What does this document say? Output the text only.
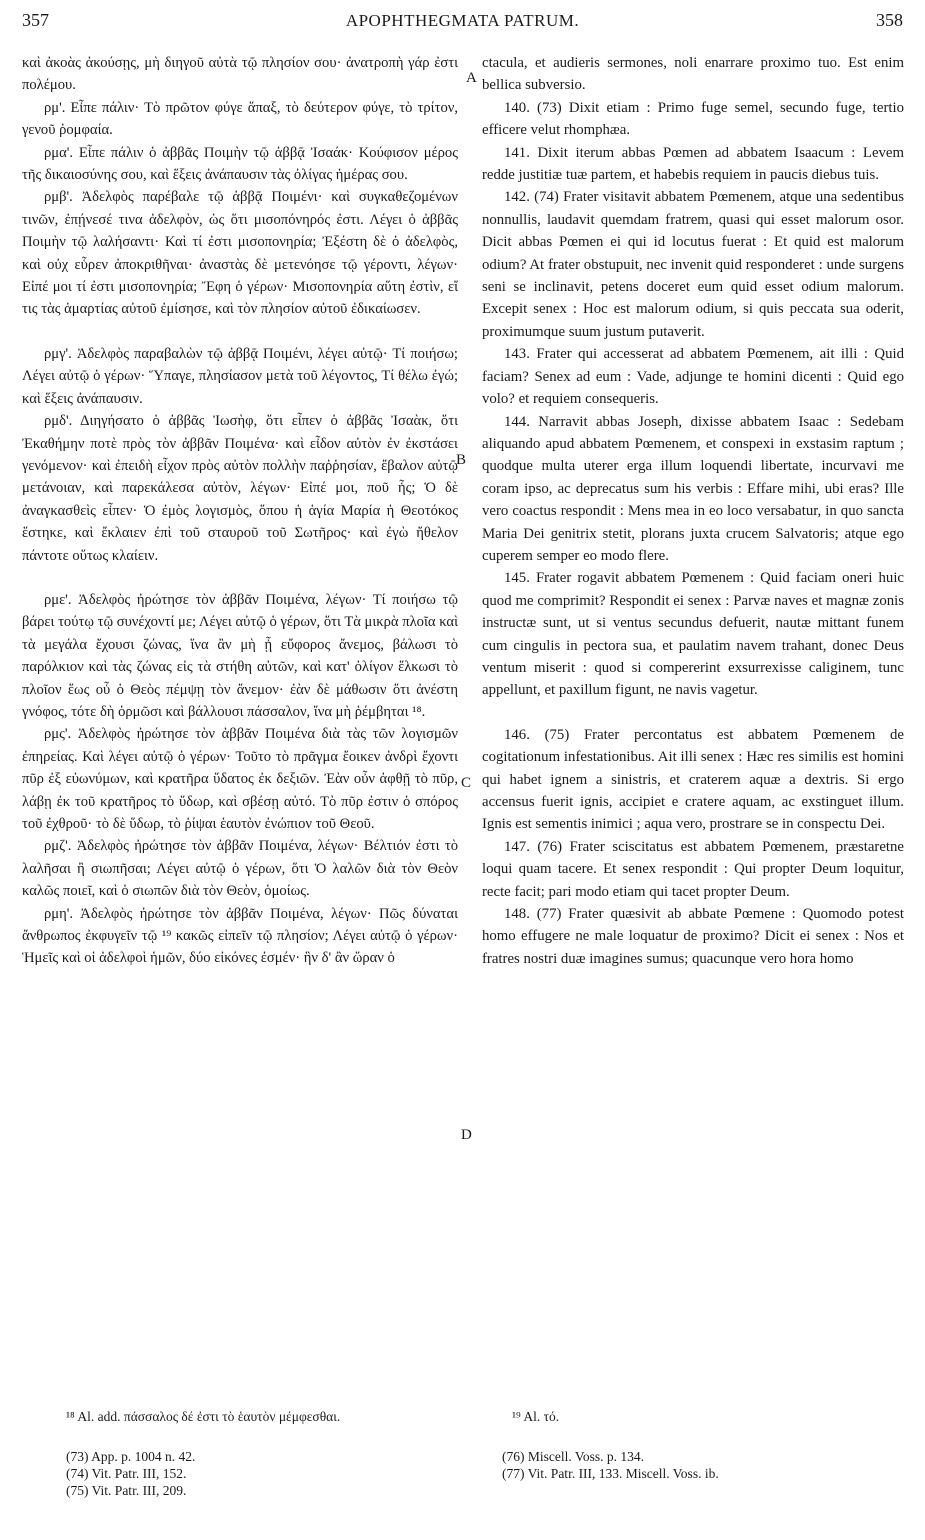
357	APOPHTHEGMATA PATRUM.	358

καὶ ἀκοὰς ἀκούσῃς, μὴ διηγοῦ αὐτὰ τῷ πλησίον σου· ἀνατροπὴ γάρ ἐστι πολέμου.

ρμ'. Εἶπε πάλιν· Τὸ πρῶτον φύγε ἅπαξ, τὸ δεύτερον φύγε, τὸ τρίτον, γενοῦ ῥομφαία.

ρμα'. Εἶπε πάλιν ὁ ἀββᾶς Ποιμὴν τῷ ἀββᾷ Ἰσαάκ· Κούφισον μέρος τῆς δικαιοσύνης σου, καὶ ἕξεις ἀνάπαυσιν τὰς ὀλίγας ἡμέρας σου.

ρμβ'. Ἀδελφὸς παρέβαλε τῷ ἀββᾷ Ποιμένι· καὶ συγκαθεζομένων τινῶν, ἐπῄνεσέ τινα ἀδελφὸν, ὡς ὅτι μισοπόνηρός ἐστι. Λέγει ὁ ἀββᾶς Ποιμὴν τῷ λαλήσαντι· Καὶ τί ἐστι μισοπονηρία; Ἐξέστη δὲ ὁ ἀδελφὸς, καὶ οὐχ εὗρεν ἀποκριθῆναι· ἀναστὰς δὲ μετενόησε τῷ γέροντι, λέγων· Εἰπέ μοι τί ἐστι μισοπονηρία; Ἔφη ὁ γέρων· Μισοπονηρία αὕτη ἐστὶν, εἴ τις τὰς ἁμαρτίας αὐτοῦ ἐμίσησε, καὶ τὸν πλησίον αὐτοῦ ἐδικαίωσεν.

ρμγ'. Ἀδελφὸς παραβαλὼν τῷ ἀββᾷ Ποιμένι, λέγει αὐτῷ· Τί ποιήσω; Λέγει αὐτῷ ὁ γέρων· Ὕπαγε, πλησίασον μετὰ τοῦ λέγοντος, Τί θέλω ἐγώ; καὶ ἕξεις ἀνάπαυσιν.

ρμδ'. Διηγήσατο ὁ ἀββᾶς Ἰωσὴφ, ὅτι εἶπεν ὁ ἀββᾶς Ἰσαὰκ, ὅτι Ἐκαθήμην ποτὲ πρὸς τὸν ἀββᾶν Ποιμένα· καὶ εἶδον αὐτὸν ἐν ἐκστάσει γενόμενον· καὶ ἐπειδὴ εἶχον πρὸς αὐτὸν πολλὴν παῤῥησίαν, ἔβαλον αὐτῷ μετάνοιαν, καὶ παρεκάλεσα αὐτὸν, λέγων· Εἰπέ μοι, ποῦ ἧς; Ὁ δὲ ἀναγκασθεὶς εἶπεν· Ὁ ἐμὸς λογισμὸς, ὅπου ἡ ἁγία Μαρία ἡ Θεοτόκος ἕστηκε, καὶ ἔκλαιεν ἐπὶ τοῦ σταυροῦ τοῦ Σωτῆρος· καὶ ἐγὼ ἤθελον πάντοτε οὕτως κλαίειν.

ρμε'. Ἀδελφὸς ἠρώτησε τὸν ἀββᾶν Ποιμένα, λέγων· Τί ποιήσω τῷ βάρει τούτῳ τῷ συνέχοντί με; Λέγει αὐτῷ ὁ γέρων, ὅτι Τὰ μικρὰ πλοῖα καὶ τὰ μεγάλα ἔχουσι ζώνας, ἵνα ἂν μὴ ᾖ εὔφορος ἄνεμος, βάλωσι τὸ παρόλκιον καὶ τὰς ζώνας εἰς τὰ στήθη αὐτῶν, καὶ κατ' ὀλίγον ἕλκωσι τὸ πλοῖον ἕως οὗ ὁ Θεὸς πέμψῃ τὸν ἄνεμον· ἐὰν δὲ μάθωσιν ὅτι ἀνέστη γνόφος, τότε δὴ ὁρμῶσι καὶ βάλλουσι πάσσαλον, ἵνα μὴ ῥέμβηται ¹⁸.

ρμς'. Ἀδελφὸς ἠρώτησε τὸν ἀββᾶν Ποιμένα διὰ τὰς τῶν λογισμῶν ἐπηρείας. Καὶ λέγει αὐτῷ ὁ γέρων· Τοῦτο τὸ πρᾶγμα ἔοικεν ἀνδρὶ ἔχοντι πῦρ ἐξ εὐωνύμων, καὶ κρατῆρα ὕδατος ἐκ δεξιῶν. Ἐὰν οὖν ἀφθῇ τὸ πῦρ, λάβῃ ἐκ τοῦ κρατῆρος τὸ ὕδωρ, καὶ σβέσῃ αὐτό. Τὸ πῦρ ἐστιν ὁ σπόρος τοῦ ἐχθροῦ· τὸ δὲ ὕδωρ, τὸ ῥίψαι ἑαυτὸν ἐνώπιον τοῦ Θεοῦ.

ρμζ'. Ἀδελφὸς ἠρώτησε τὸν ἀββᾶν Ποιμένα, λέγων· Βέλτιόν ἐστι τὸ λαλῆσαι ἢ σιωπῆσαι; Λέγει αὐτῷ ὁ γέρων, ὅτι Ὁ λαλῶν διὰ τὸν Θεὸν καλῶς ποιεῖ, καὶ ὁ σιωπῶν διὰ τὸν Θεὸν, ὁμοίως.

ρμη'. Ἀδελφὸς ἠρώτησε τὸν ἀββᾶν Ποιμένα, λέγων· Πῶς δύναται ἄνθρωπος ἐκφυγεῖν τῷ ¹⁹ κακῶς εἰπεῖν τῷ πλησίον; Λέγει αὐτῷ ὁ γέρων· Ἡμεῖς καὶ οἱ ἀδελφοὶ ἡμῶν, δύο εἰκόνες ἐσμέν· ἣν δ' ἂν ὥραν ὁ

ctacula, et audieris sermones, noli enarrare proximo tuo. Est enim bellica subversio.

140. (73) Dixit etiam : Primo fuge semel, secundo fuge, tertio efficere velut rhomphæa.

141. Dixit iterum abbas Pœmen ad abbatem Isaacum : Levem redde justitiæ tuæ partem, et habebis requiem in paucis diebus tuis.

142. (74) Frater visitavit abbatem Pœmenem, atque una sedentibus nonnullis, laudavit quemdam fratrem, quasi qui esset malorum osor. Dicit abbas Pœmen ei qui id locutus fuerat : Et quid est malorum odium? At frater obstupuit, nec invenit quid responderet : unde surgens seni se inclinavit, petens doceret eum quid esset odium malorum. Excepit senex : Hoc est malorum odium, si quis peccata sua oderit, proximumque suum justum putaverit.

143. Frater qui accesserat ad abbatem Pœmenem, ait illi : Quid faciam? Senex ad eum : Vade, adjunge te homini dicenti : Quid ego volo? et requiem consequeris.

144. Narravit abbas Joseph, dixisse abbatem Isaac : Sedebam aliquando apud abbatem Pœmenem, et conspexi in exstasim raptum ; quodque multa uterer erga illum loquendi libertate, incurvavi me coram ipso, ac deprecatus sum his verbis : Effare mihi, ubi eras? Ille vero coactus respondit : Mens mea in eo loco versabatur, in quo sancta Maria Dei genitrix stetit, plorans juxta crucem Salvatoris; atque ego cuperem semper eo modo flere.

145. Frater rogavit abbatem Pœmenem : Quid faciam oneri huic quod me comprimit? Respondit ei senex : Parvæ naves et magnæ zonis instructæ sunt, ut si ventus secundus defuerit, nautæ mittant funem cum cingulis in pectora sua, et paulatim navem trahant, donec Deus ventum miserit : quod si compererint exsurrexisse caliginem, tunc appellunt, et paxillum figunt, ne navis vagetur.

146. (75) Frater percontatus est abbatem Pœmenem de cogitationum infestationibus. Ait illi senex : Hæc res similis est homini qui habet ignem a sinistris, et craterem aquæ a dextris. Si ergo accensus fuerit ignis, accipiet e cratere aquam, ac exstinguet illum. Ignis est sementis inimici ; aqua vero, prostrare se in conspectu Dei.

147. (76) Frater sciscitatus est abbatem Pœmenem, præstaretne loqui quam tacere. Et senex respondit : Qui propter Deum loquitur, recte facit; pari modo etiam qui tacet propter Deum.

148. (77) Frater quæsivit ab abbate Pœmene : Quomodo potest homo effugere ne male loquatur de proximo? Dicit ei senex : Nos et fratres nostri duæ imagines sumus; quacunque vero hora homo

A
B
C
D

¹⁸ Al. add. πάσσαλος δέ ἐστι τὸ ἑαυτὸν μέμφεσθαι.	¹⁹ Al. τό.

(73) App. p. 1004 n. 42.

(74) Vit. Patr. III, 152.

(75) Vit. Patr. III, 209.

(76) Miscell. Voss. p. 134.

(77) Vit. Patr. III, 133. Miscell. Voss. ib.
